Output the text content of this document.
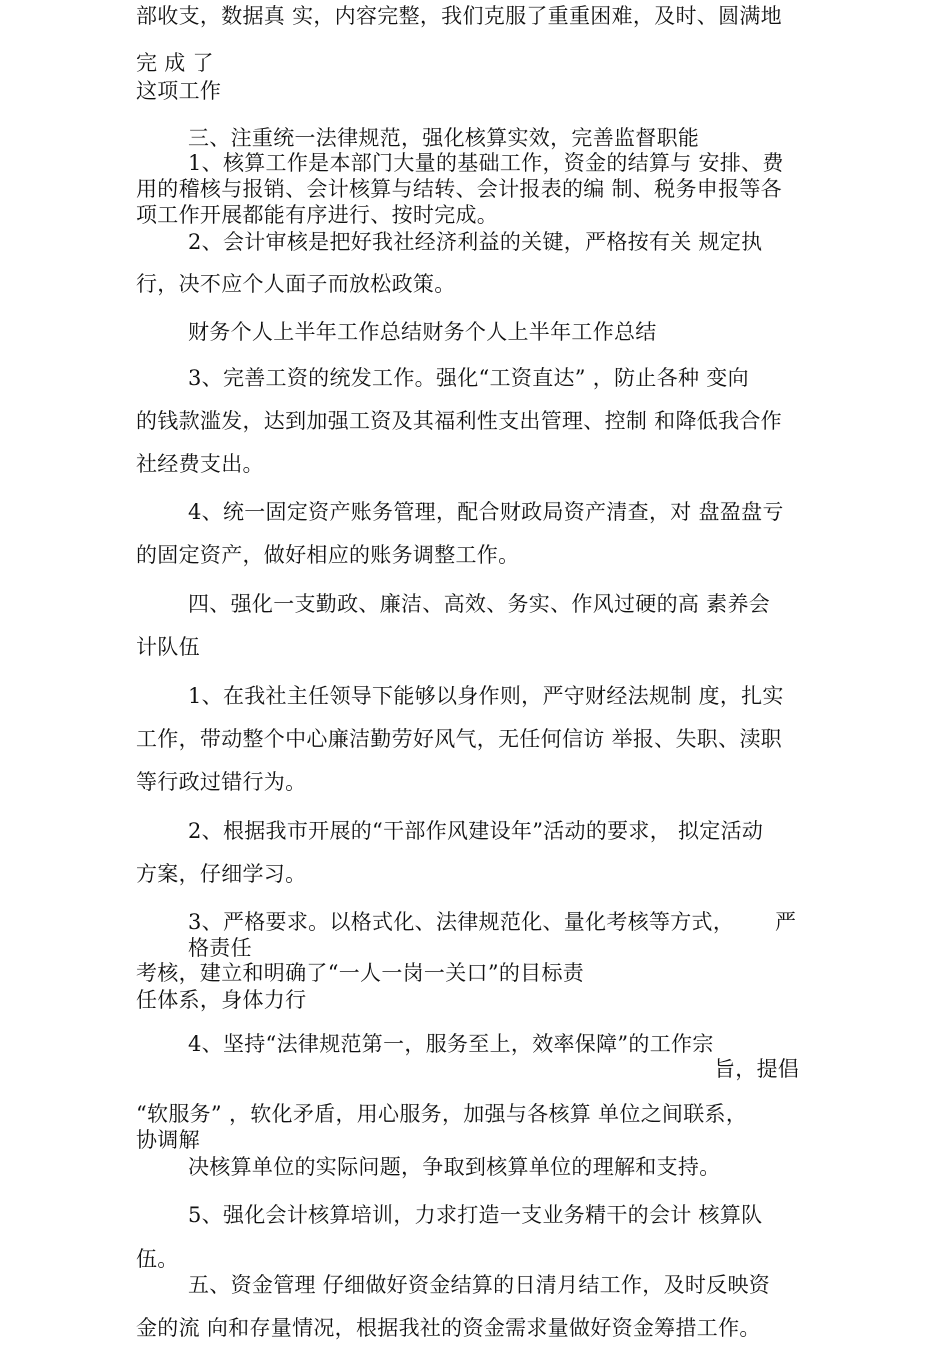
部收支，数据真 实，内容完整，我们克服了重重困难，及时、圆满地
完 成 了
这项工作
三、注重统一法律规范，强化核算实效，完善监督职能
1、核算工作是本部门大量的基础工作，资金的结算与 安排、费
用的稽核与报销、会计核算与结转、会计报表的编 制、税务申报等各
项工作开展都能有序进行、按时完成。
2、会计审核是把好我社经济利益的关键，严格按有关 规定执
行，决不应个人面子而放松政策。
财务个人上半年工作总结财务个人上半年工作总结
3、完善工资的统发工作。强化“工资直达” ，防止各种 变向
的钱款滥发，达到加强工资及其福利性支出管理、控制 和降低我合作
社经费支出。
4、统一固定资产账务管理，配合财政局资产清查，对 盘盈盘亏
的固定资产，做好相应的账务调整工作。
四、强化一支勤政、廉洁、高效、务实、作风过硬的高 素养会
计队伍
1、在我社主任领导下能够以身作则，严守财经法规制 度，扎实
工作，带动整个中心廉洁勤劳好风气，无任何信访 举报、失职、渎职
等行政过错行为。
2、根据我市开展的“干部作风建设年”活动的要求， 拟定活动
方案，仔细学习。
3、严格要求。以格式化、法律规范化、量化考核等方式， 严
格责任
考核，建立和明确了“一人一岗一关口”的目标责
任体系，身体力行
4、坚持“法律规范第一，服务至上，效率保障”的工作宗
旨，提倡
“软服务” ，软化矛盾，用心服务，加强与各核算 单位之间联系，
协调解
决核算单位的实际问题，争取到核算单位的理解和支持。
5、强化会计核算培训，力求打造一支业务精干的会计 核算队
伍。
五、资金管理 仔细做好资金结算的日清月结工作，及时反映资
金的流 向和存量情况，根据我社的资金需求量做好资金筹措工作。
